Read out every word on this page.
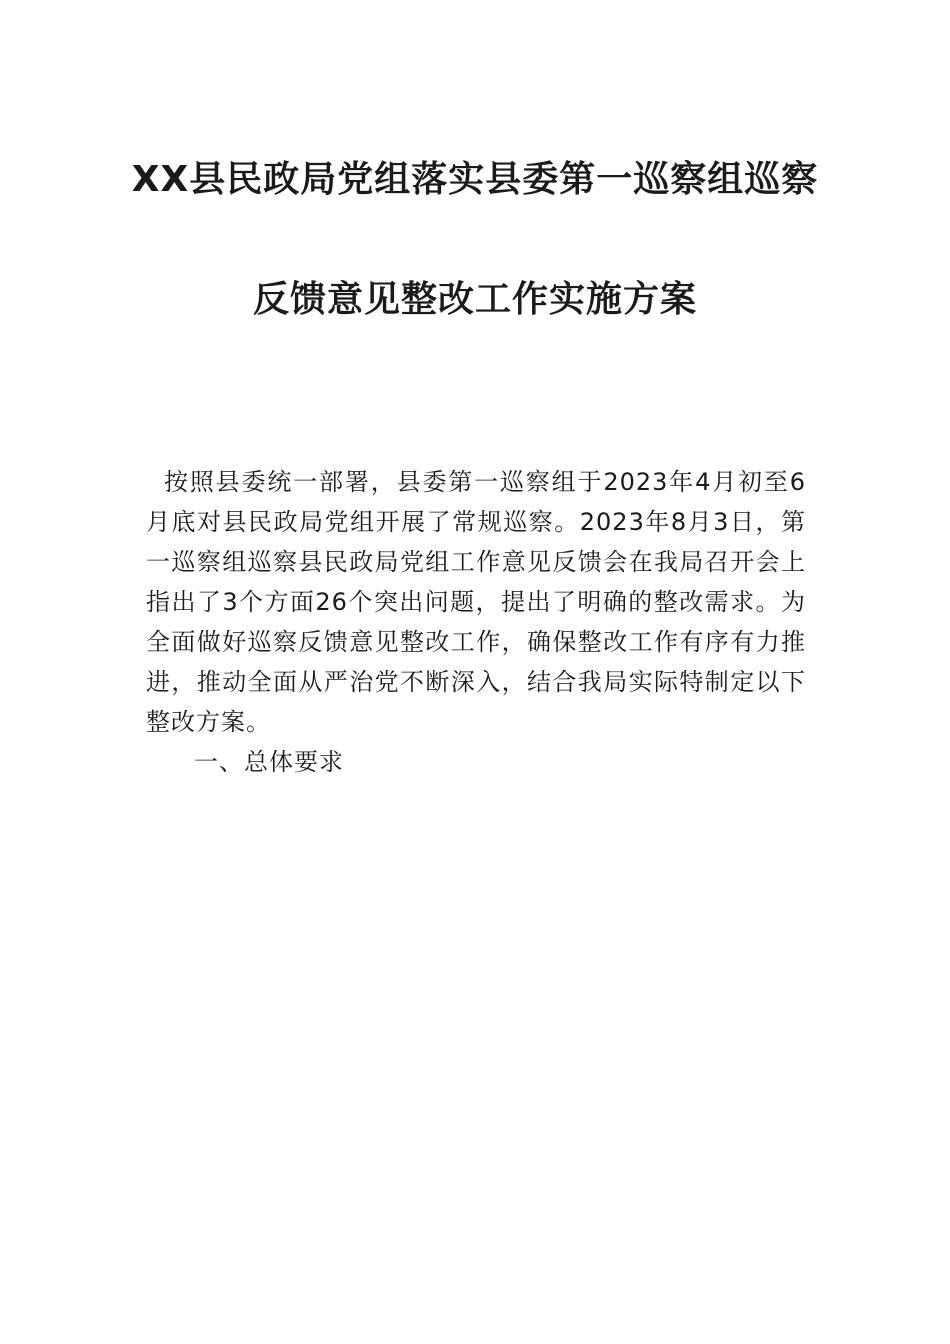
XX县民政局党组落实县委第一巡察组巡察
反馈意见整改工作实施方案

按照县委统一部署，县委第一巡察组于2023年4月初至6月底对县民政局党组开展了常规巡察。2023年8月3日，第一巡察组巡察县民政局党组工作意见反馈会在我局召开会上指出了3个方面26个突出问题，提出了明确的整改需求。为全面做好巡察反馈意见整改工作，确保整改工作有序有力推进，推动全面从严治党不断深入，结合我局实际特制定以下整改方案。

一、总体要求
